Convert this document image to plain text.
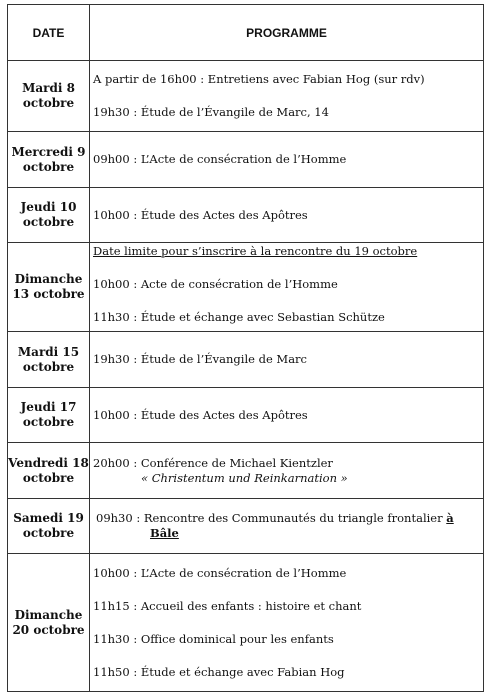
DATE	PROGRAMME

Mardi 8
octobre	A partir de 16h00 : Entretiens avec Fabian Hog (sur rdv)
19h30 : Étude de l’Évangile de Marc, 14

Mercredi 9
octobre	09h00 : L’Acte de consécration de l’Homme

Jeudi 10
octobre	10h00 : Étude des Actes des Apôtres

Dimanche
13 octobre	Date limite pour s’inscrire à la rencontre du 19 octobre
10h00 : Acte de consécration de l’Homme
11h30 : Étude et échange avec Sebastian Schütze

Mardi 15
octobre	19h30 : Étude de l’Évangile de Marc

Jeudi 17
octobre	10h00 : Étude des Actes des Apôtres

Vendredi 18
octobre	20h00 : Conférence de Michael Kientzler
« Christentum und Reinkarnation »

Samedi 19
octobre	09h30 : Rencontre des Communautés du triangle frontalier à
Bâle

Dimanche
20 octobre	10h00 : L’Acte de consécration de l’Homme
11h15 : Accueil des enfants : histoire et chant
11h30 : Office dominical pour les enfants
11h50 : Étude et échange avec Fabian Hog
